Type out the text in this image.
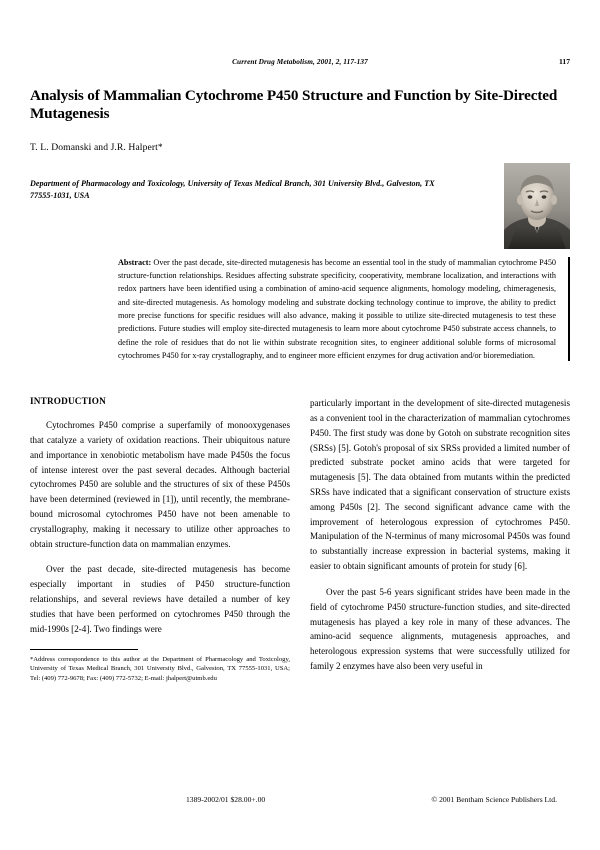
Current Drug Metabolism, 2001, 2, 117-137	117
Analysis of Mammalian Cytochrome P450 Structure and Function by Site-Directed Mutagenesis
T. L. Domanski and J.R. Halpert*
Department of Pharmacology and Toxicology, University of Texas Medical Branch, 301 University Blvd., Galveston, TX 77555-1031, USA
Abstract: Over the past decade, site-directed mutagenesis has become an essential tool in the study of mammalian cytochrome P450 structure-function relationships. Residues affecting substrate specificity, cooperativity, membrane localization, and interactions with redox partners have been identified using a combination of amino-acid sequence alignments, homology modeling, chimeragenesis, and site-directed mutagenesis. As homology modeling and substrate docking technology continue to improve, the ability to predict more precise functions for specific residues will also advance, making it possible to utilize site-directed mutagenesis to test these predictions. Future studies will employ site-directed mutagenesis to learn more about cytochrome P450 substrate access channels, to define the role of residues that do not lie within substrate recognition sites, to engineer additional soluble forms of microsomal cytochromes P450 for x-ray crystallography, and to engineer more efficient enzymes for drug activation and/or bioremediation.
INTRODUCTION

Cytochromes P450 comprise a superfamily of monooxygenases that catalyze a variety of oxidation reactions. Their ubiquitous nature and importance in xenobiotic metabolism have made P450s the focus of intense interest over the past several decades. Although bacterial cytochromes P450 are soluble and the structures of six of these P450s have been determined (reviewed in [1]), until recently, the membrane-bound microsomal cytochromes P450 have not been amenable to crystallography, making it necessary to utilize other approaches to obtain structure-function data on mammalian enzymes.

Over the past decade, site-directed mutagenesis has become especially important in studies of P450 structure-function relationships, and several reviews have detailed a number of key studies that have been performed on cytochromes P450 through the mid-1990s [2-4]. Two findings were

*Address correspondence to this author at the Department of Pharmacology and Toxicology, University of Texas Medical Branch, 301 University Blvd., Galveston, TX 77555-1031, USA; Tel: (409) 772-9678; Fax: (409) 772-5732; E-mail: jhalpert@utmb.edu

particularly important in the development of site-directed mutagenesis as a convenient tool in the characterization of mammalian cytochromes P450. The first study was done by Gotoh on substrate recognition sites (SRSs) [5]. Gotoh's proposal of six SRSs provided a limited number of predicted substrate pocket amino acids that were targeted for mutagenesis [5]. The data obtained from mutants within the predicted SRSs have indicated that a significant conservation of structure exists among P450s [2]. The second significant advance came with the improvement of heterologous expression of cytochromes P450. Manipulation of the N-terminus of many microsomal P450s was found to substantially increase expression in bacterial systems, making it easier to obtain significant amounts of protein for study [6].

Over the past 5-6 years significant strides have been made in the field of cytochrome P450 structure-function studies, and site-directed mutagenesis has played a key role in many of these advances. The amino-acid sequence alignments, mutagenesis approaches, and heterologous expression systems that were successfully utilized for family 2 enzymes have also been very useful in

1389-2002/01 $28.00+.00	© 2001 Bentham Science Publishers Ltd.
